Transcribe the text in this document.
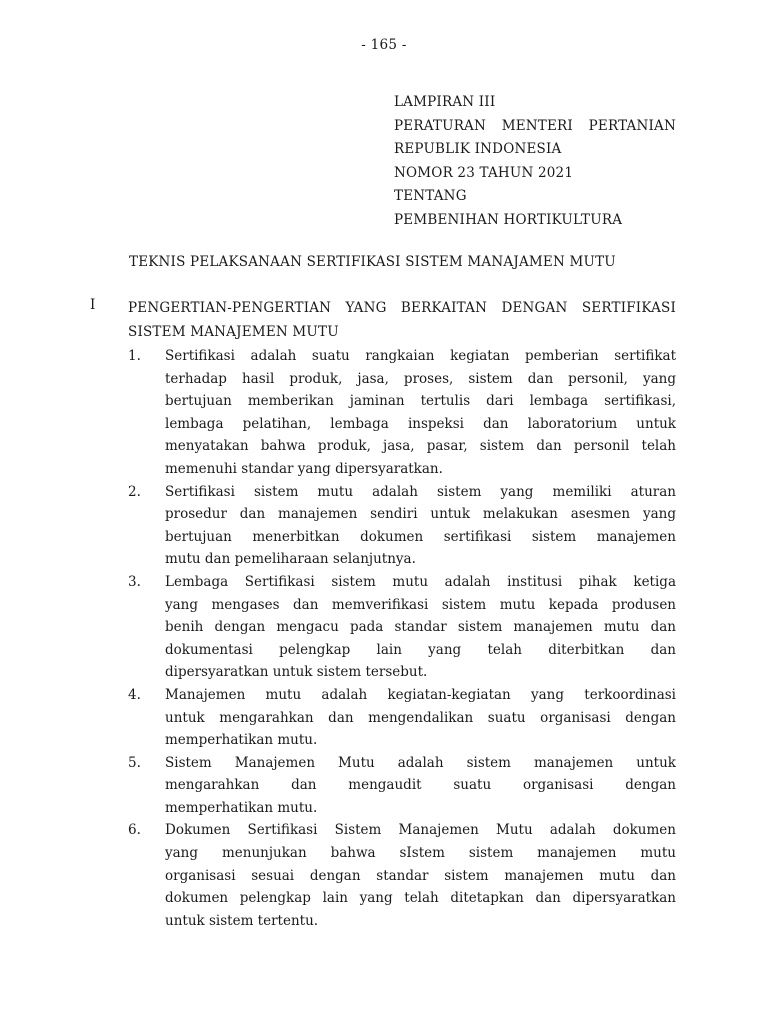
- 165 -
LAMPIRAN III
PERATURAN MENTERI PERTANIAN
REPUBLIK INDONESIA
NOMOR 23 TAHUN 2021
TENTANG
PEMBENIHAN HORTIKULTURA
TEKNIS PELAKSANAAN SERTIFIKASI SISTEM MANAJAMEN MUTU
I PENGERTIAN-PENGERTIAN YANG BERKAITAN DENGAN SERTIFIKASI
SISTEM MANAJEMEN MUTU
1. Sertifikasi adalah suatu rangkaian kegiatan pemberian sertifikat
terhadap hasil produk, jasa, proses, sistem dan personil, yang
bertujuan memberikan jaminan tertulis dari lembaga sertifikasi,
lembaga pelatihan, lembaga inspeksi dan laboratorium untuk
menyatakan bahwa produk, jasa, pasar, sistem dan personil telah
memenuhi standar yang dipersyaratkan.
2. Sertifikasi sistem mutu adalah sistem yang memiliki aturan
prosedur dan manajemen sendiri untuk melakukan asesmen yang
bertujuan menerbitkan dokumen sertifikasi sistem manajemen
mutu dan pemeliharaan selanjutnya.
3. Lembaga Sertifikasi sistem mutu adalah institusi pihak ketiga
yang mengases dan memverifikasi sistem mutu kepada produsen
benih dengan mengacu pada standar sistem manajemen mutu dan
dokumentasi pelengkap lain yang telah diterbitkan dan
dipersyaratkan untuk sistem tersebut.
4. Manajemen mutu adalah kegiatan-kegiatan yang terkoordinasi
untuk mengarahkan dan mengendalikan suatu organisasi dengan
memperhatikan mutu.
5. Sistem Manajemen Mutu adalah sistem manajemen untuk
mengarahkan dan mengaudit suatu organisasi dengan
memperhatikan mutu.
6. Dokumen Sertifikasi Sistem Manajemen Mutu adalah dokumen
yang menunjukan bahwa sIstem sistem manajemen mutu
organisasi sesuai dengan standar sistem manajemen mutu dan
dokumen pelengkap lain yang telah ditetapkan dan dipersyaratkan
untuk sistem tertentu.
